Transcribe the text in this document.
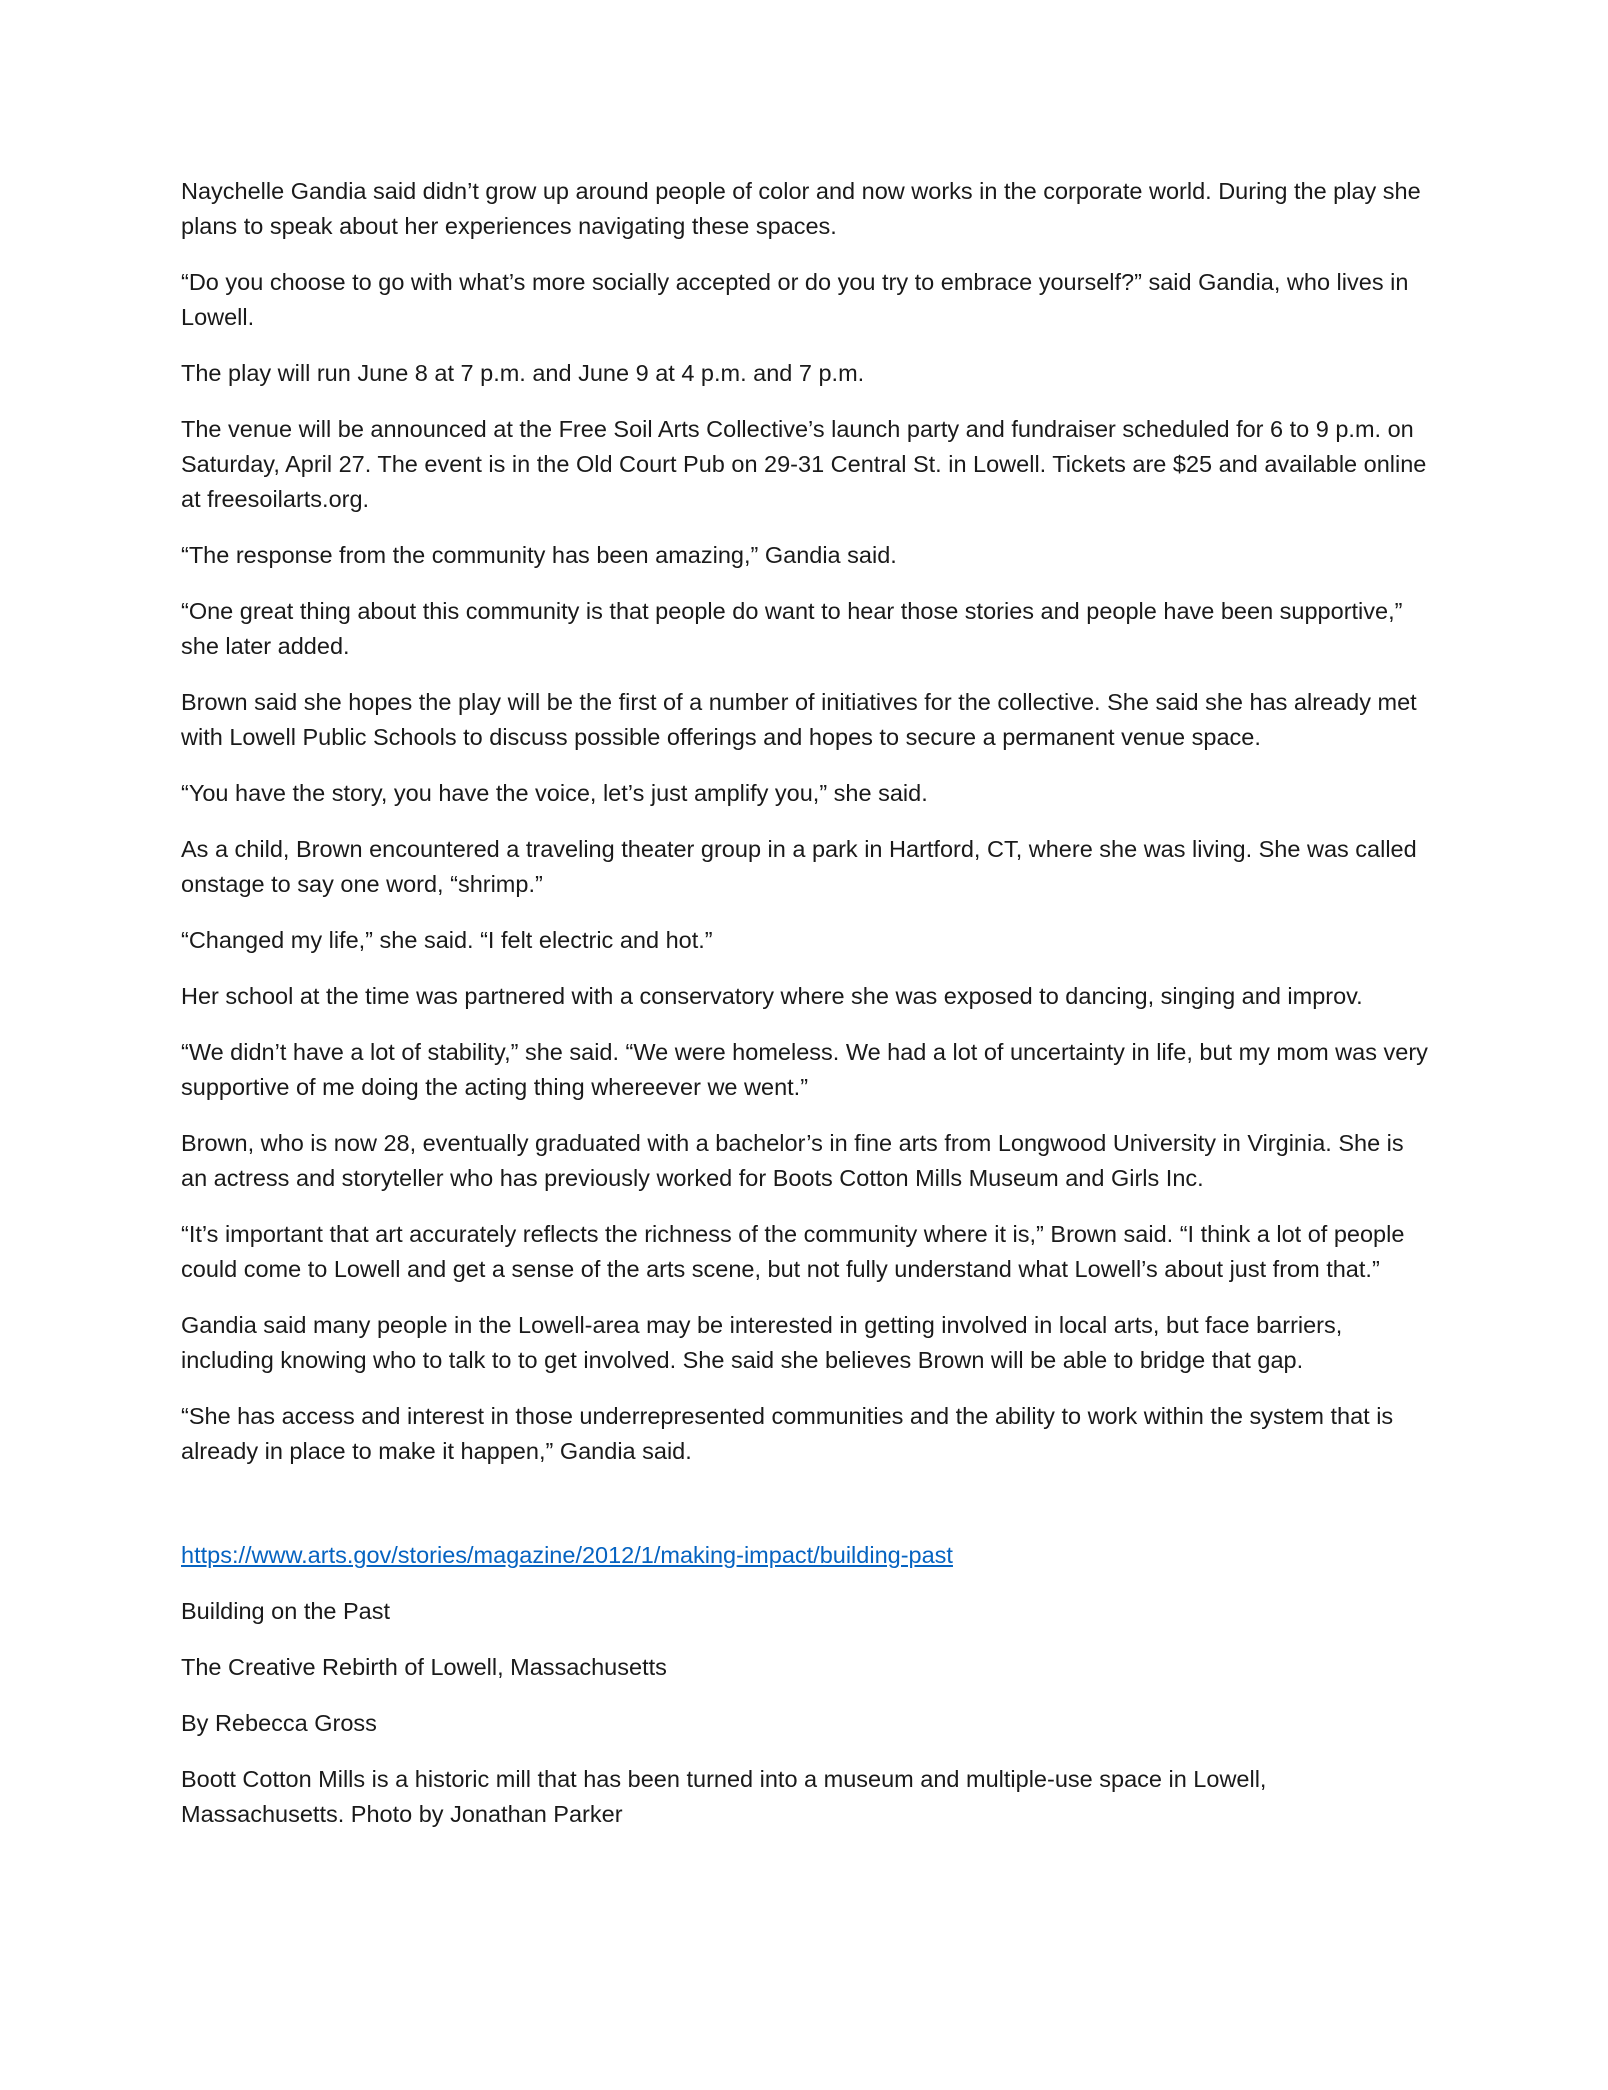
Naychelle Gandia said didn’t grow up around people of color and now works in the corporate world. During the play she plans to speak about her experiences navigating these spaces.

“Do you choose to go with what’s more socially accepted or do you try to embrace yourself?” said Gandia, who lives in Lowell.

The play will run June 8 at 7 p.m. and June 9 at 4 p.m. and 7 p.m.

The venue will be announced at the Free Soil Arts Collective’s launch party and fundraiser scheduled for 6 to 9 p.m. on Saturday, April 27. The event is in the Old Court Pub on 29-31 Central St. in Lowell. Tickets are $25 and available online at freesoilarts.org.

“The response from the community has been amazing,” Gandia said.

“One great thing about this community is that people do want to hear those stories and people have been supportive,” she later added.

Brown said she hopes the play will be the first of a number of initiatives for the collective. She said she has already met with Lowell Public Schools to discuss possible offerings and hopes to secure a permanent venue space.

“You have the story, you have the voice, let’s just amplify you,” she said.

As a child, Brown encountered a traveling theater group in a park in Hartford, CT, where she was living. She was called onstage to say one word, “shrimp.”

“Changed my life,” she said. “I felt electric and hot.”

Her school at the time was partnered with a conservatory where she was exposed to dancing, singing and improv.

“We didn’t have a lot of stability,” she said. “We were homeless. We had a lot of uncertainty in life, but my mom was very supportive of me doing the acting thing whereever we went.”

Brown, who is now 28, eventually graduated with a bachelor’s in fine arts from Longwood University in Virginia. She is an actress and storyteller who has previously worked for Boots Cotton Mills Museum and Girls Inc.

“It’s important that art accurately reflects the richness of the community where it is,” Brown said. “I think a lot of people could come to Lowell and get a sense of the arts scene, but not fully understand what Lowell’s about just from that.”

Gandia said many people in the Lowell-area may be interested in getting involved in local arts, but face barriers, including knowing who to talk to to get involved. She said she believes Brown will be able to bridge that gap.

“She has access and interest in those underrepresented communities and the ability to work within the system that is already in place to make it happen,” Gandia said.

https://www.arts.gov/stories/magazine/2012/1/making-impact/building-past

Building on the Past

The Creative Rebirth of Lowell, Massachusetts

By Rebecca Gross

Boott Cotton Mills is a historic mill that has been turned into a museum and multiple-use space in Lowell, Massachusetts. Photo by Jonathan Parker
